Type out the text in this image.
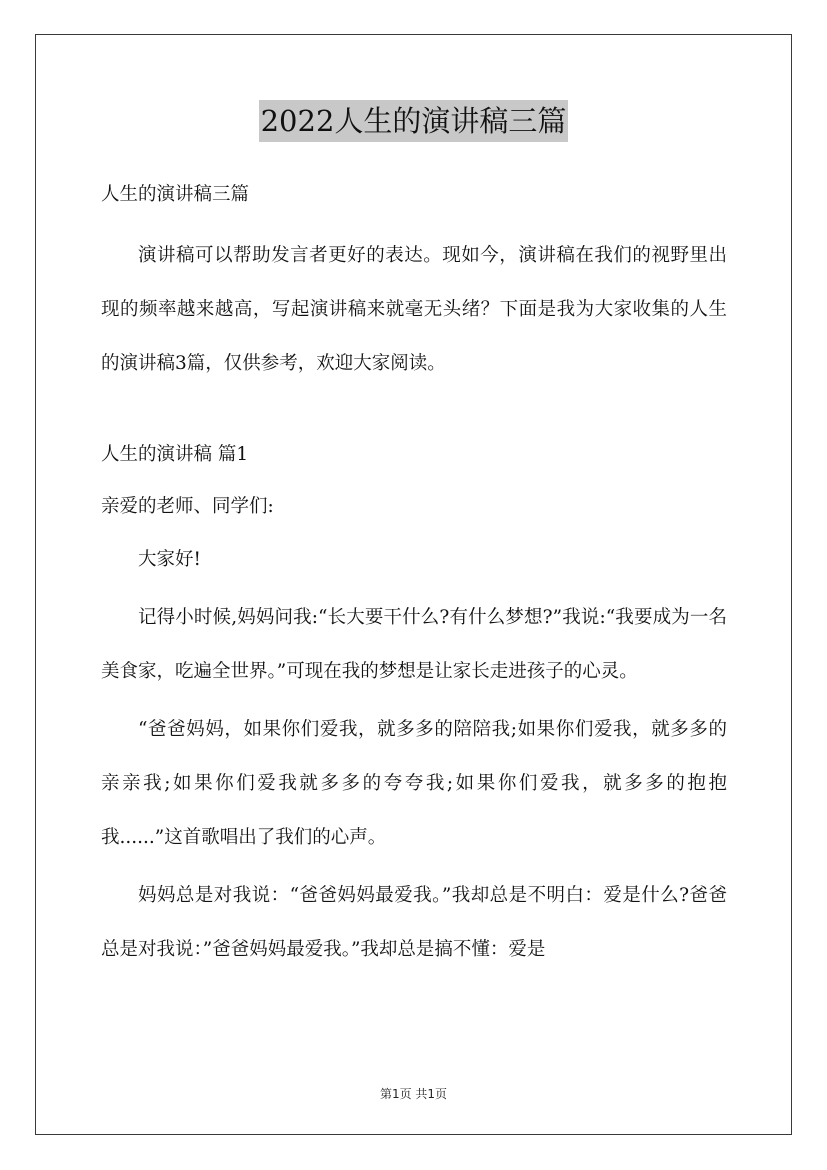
2022人生的演讲稿三篇

人生的演讲稿三篇

演讲稿可以帮助发言者更好的表达。现如今，演讲稿在我们的视野里出现的频率越来越高，写起演讲稿来就毫无头绪？下面是我为大家收集的人生的演讲稿3篇，仅供参考，欢迎大家阅读。

人生的演讲稿 篇1

亲爱的老师、同学们:

大家好!

记得小时候,妈妈问我:“长大要干什么?有什么梦想?”我说:“我要成为一名美食家，吃遍全世界。”可现在我的梦想是让家长走进孩子的心灵。

“爸爸妈妈，如果你们爱我，就多多的陪陪我;如果你们爱我，就多多的亲亲我;如果你们爱我就多多的夸夸我;如果你们爱我，就多多的抱抱我......”这首歌唱出了我们的心声。

妈妈总是对我说：“爸爸妈妈最爱我。”我却总是不明白：爱是什么?爸爸总是对我说：”爸爸妈妈最爱我。”我却总是搞不懂：爱是

第1页 共1页
